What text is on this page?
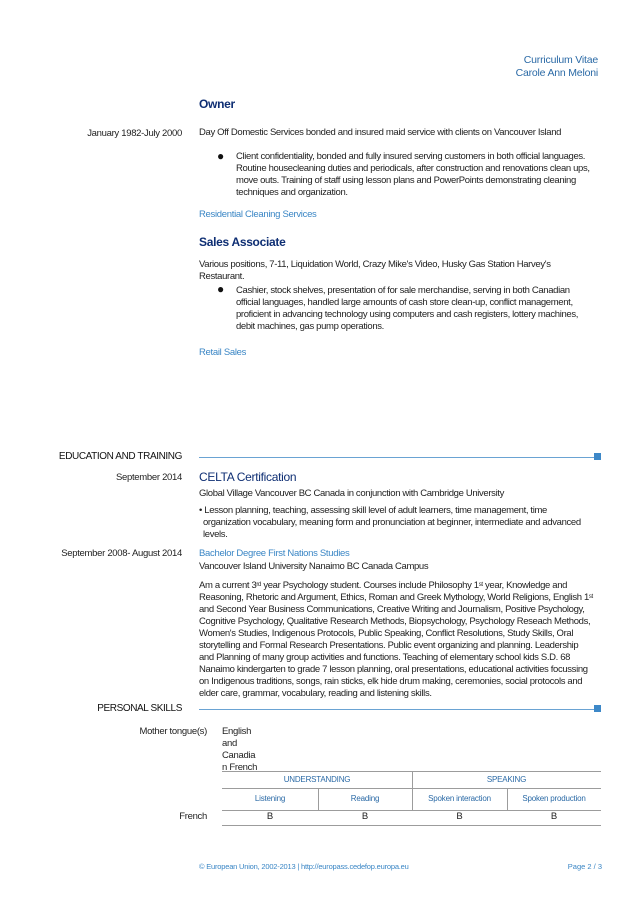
Curriculum Vitae
Carole Ann Meloni
Owner
January 1982-July 2000 Day Off Domestic Services bonded and insured maid service with clients on Vancouver Island
● Client confidentiality, bonded and fully insured serving customers in both official languages.
Routine housecleaning duties and periodicals, after construction and renovations clean ups,
move outs. Training of staff using lesson plans and PowerPoints demonstrating cleaning
techniques and organization.
Residential Cleaning Services
Sales Associate
Various positions, 7-11, Liquidation World, Crazy Mike's Video, Husky Gas Station Harvey's
Restaurant.
● Cashier, stock shelves, presentation of for sale merchandise, serving in both Canadian
official languages, handled large amounts of cash store clean-up, conflict management,
proficient in advancing technology using computers and cash registers, lottery machines,
debit machines, gas pump operations.
Retail Sales
EDUCATION AND TRAINING
September 2014 CELTA Certification
Global Village Vancouver BC Canada in conjunction with Cambridge University
• Lesson planning, teaching, assessing skill level of adult learners, time management, time
organization vocabulary, meaning form and pronunciation at beginner, intermediate and advanced
levels.
September 2008- August 2014 Bachelor Degree First Nations Studies
Vancouver Island University Nanaimo BC Canada Campus
Am a current 3rd year Psychology student. Courses include Philosophy 1st year, Knowledge and
Reasoning, Rhetoric and Argument, Ethics, Roman and Greek Mythology, World Religions, English 1st
and Second Year Business Communications, Creative Writing and Journalism, Positive Psychology,
Cognitive Psychology, Qualitative Research Methods, Biopsychology, Psychology Reseach Methods,
Women's Studies, Indigenous Protocols, Public Speaking, Conflict Resolutions, Study Skills, Oral
storytelling and Formal Research Presentations. Public event organizing and planning. Leadership
and Planning of many group activities and functions. Teaching of elementary school kids S.D. 68
Nanaimo kindergarten to grade 7 lesson planning, oral presentations, educational activities focussing
on Indigenous traditions, songs, rain sticks, elk hide drum making, ceremonies, social protocols and
elder care, grammar, vocabulary, reading and listening skills.
PERSONAL SKILLS
Mother tongue(s) English
and
Canadia
n French
UNDERSTANDING	SPEAKING
Listening	Reading	Spoken interaction	Spoken production
French	B	B	B	B
© European Union, 2002-2013 | http://europass.cedefop.europa.eu	Page 2 / 3
